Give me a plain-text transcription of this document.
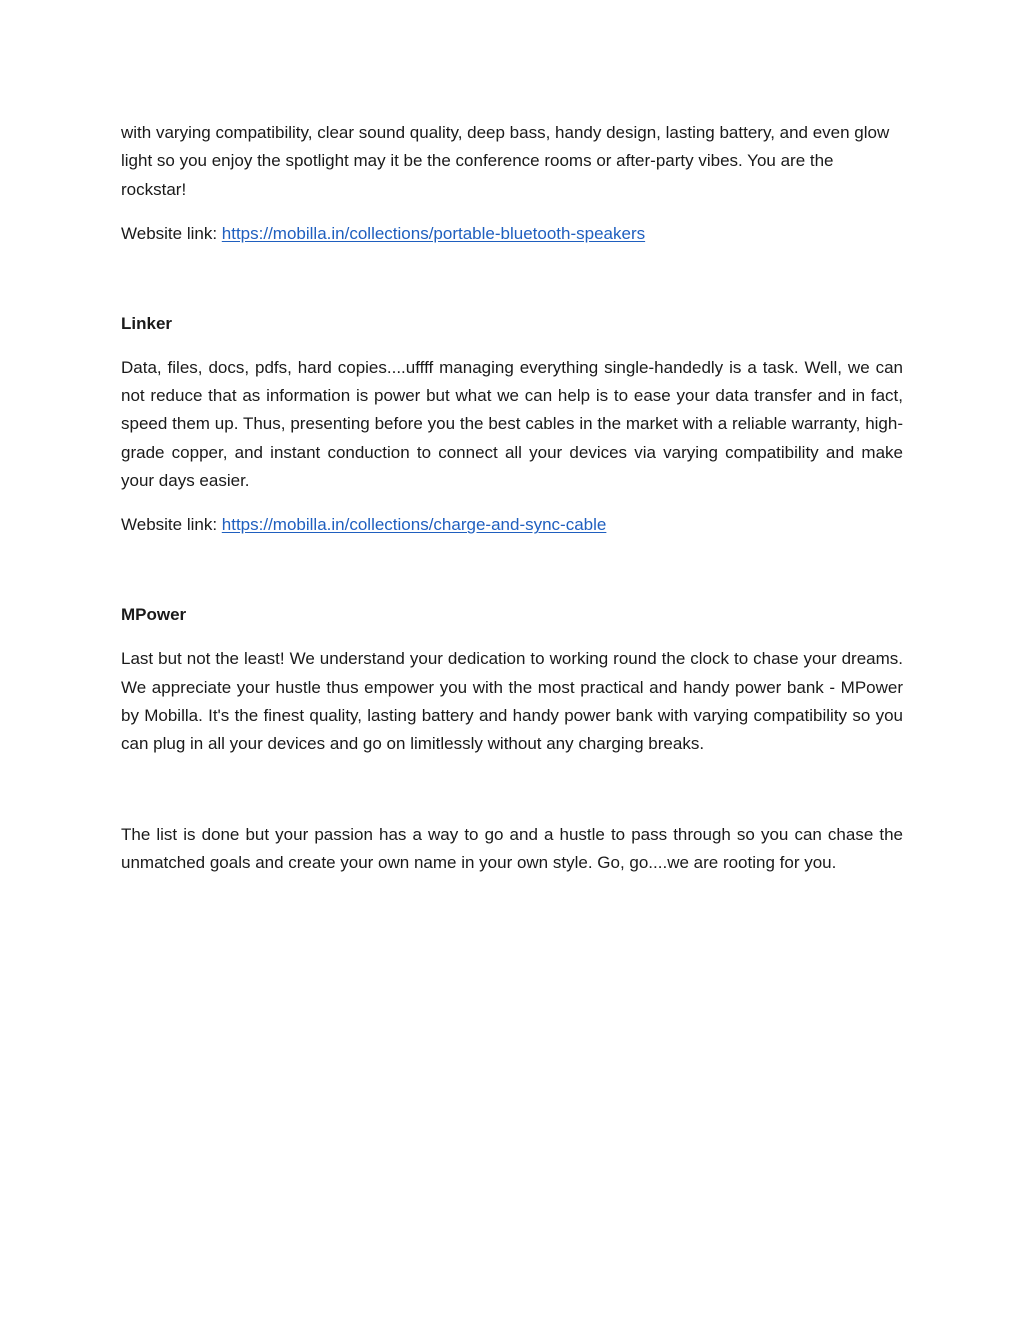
with varying compatibility, clear sound quality, deep bass, handy design, lasting battery, and even glow light so you enjoy the spotlight may it be the conference rooms or after-party vibes. You are the rockstar!

Website link: https://mobilla.in/collections/portable-bluetooth-speakers

Linker

Data, files, docs, pdfs, hard copies....uffff managing everything single-handedly is a task. Well, we can not reduce that as information is power but what we can help is to ease your data transfer and in fact, speed them up. Thus, presenting before you the best cables in the market with a reliable warranty, high-grade copper, and instant conduction to connect all your devices via varying compatibility and make your days easier.

Website link: https://mobilla.in/collections/charge-and-sync-cable

MPower

Last but not the least! We understand your dedication to working round the clock to chase your dreams. We appreciate your hustle thus empower you with the most practical and handy power bank - MPower by Mobilla. It's the finest quality, lasting battery and handy power bank with varying compatibility so you can plug in all your devices and go on limitlessly without any charging breaks.

The list is done but your passion has a way to go and a hustle to pass through so you can chase the unmatched goals and create your own name in your own style. Go, go....we are rooting for you.
